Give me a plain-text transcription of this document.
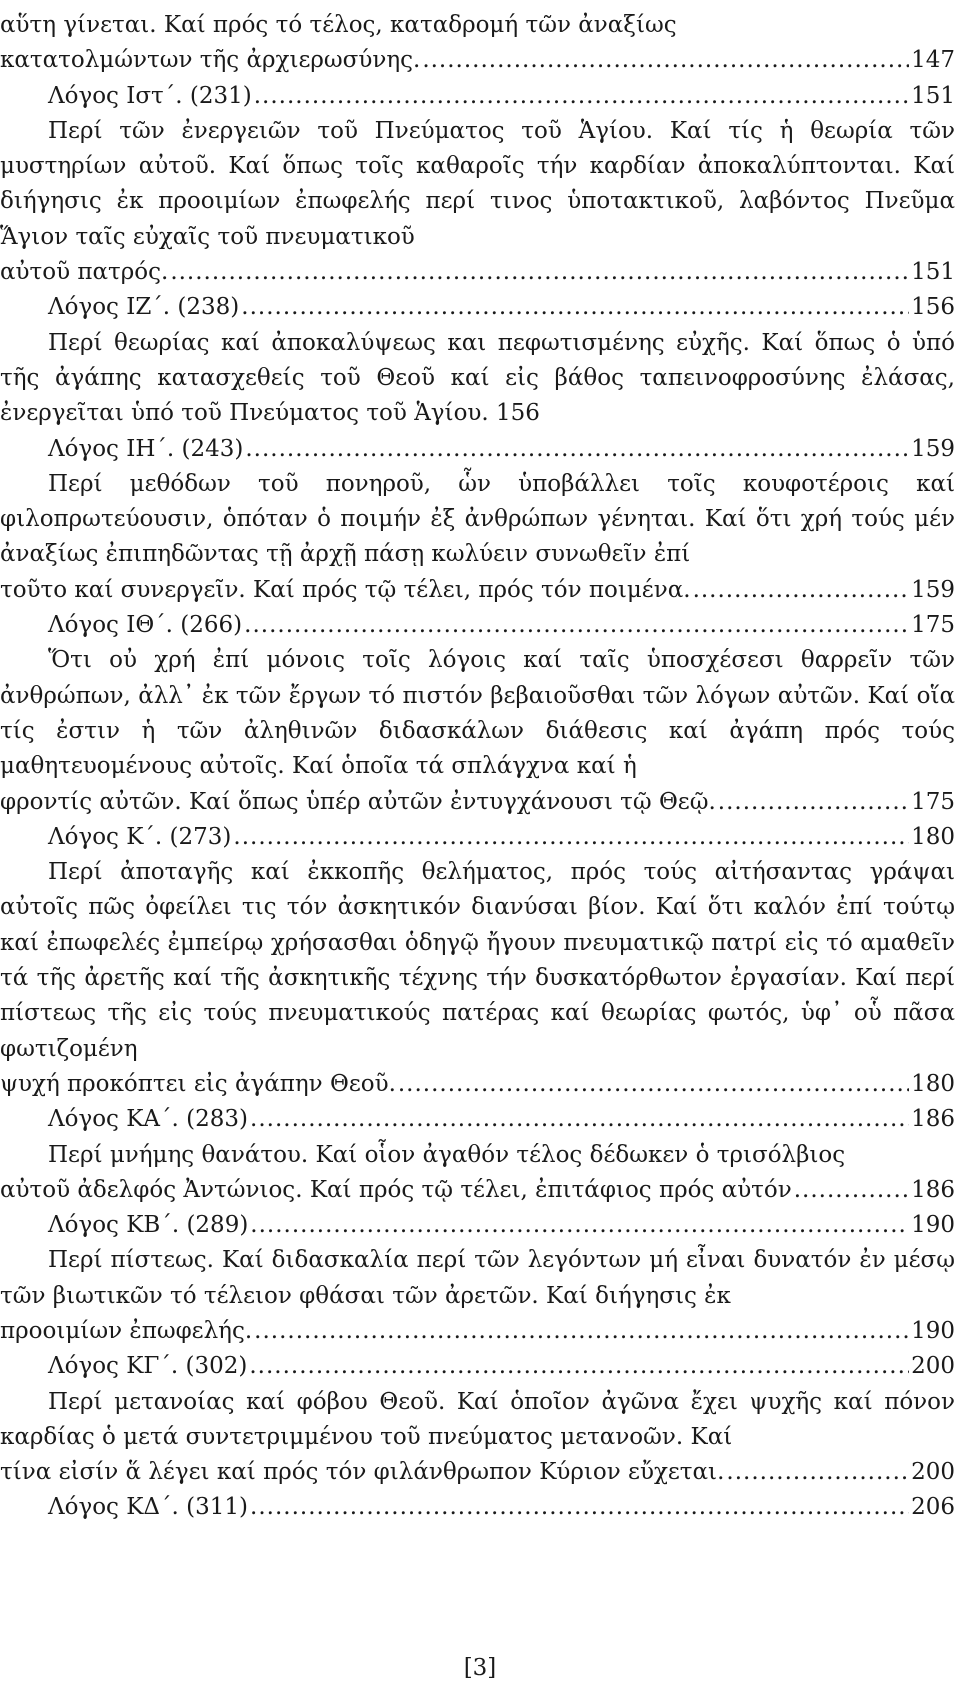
αὕτη γίνεται. Καί πρός τό τέλος, καταδρομή τῶν ἀναξίως

κατατολμώντων τῆς ἀρχιερωσύνης. .....	147
Λόγος Ιστ΄. (231) .....	151

Περί τῶν ἐνεργειῶν τοῦ Πνεύματος τοῦ Ἁγίου. Καί τίς ἡ θεωρία τῶν μυστηρίων αὐτοῦ. Καί ὅπως τοῖς καθαροῖς τήν καρδίαν ἀποκαλύπτονται. Καί διήγησις ἐκ προοιμίων ἐπωφελής περί τινος ὑποτακτικοῦ, λαβόντος Πνεῦμα Ἅγιον ταῖς εὐχαῖς τοῦ πνευματικοῦ

αὐτοῦ πατρός. .....	151
Λόγος ΙΖ΄. (238) .....	156

Περί θεωρίας καί ἀποκαλύψεως και πεφωτισμένης εὐχῆς. Καί ὅπως ὁ ὑπό τῆς ἀγάπης κατασχεθείς τοῦ Θεοῦ καί εἰς βάθος ταπεινοφροσύνης ἐλάσας, ἐνεργεῖται ὑπό τοῦ Πνεύματος τοῦ Ἁγίου. 156

Λόγος ΙΗ΄. (243) .....	159

Περί μεθόδων τοῦ πονηροῦ, ὧν ὑποβάλλει τοῖς κουφοτέροις καί φιλοπρωτεύουσιν, ὁπόταν ὁ ποιμήν ἐξ ἀνθρώπων γένηται. Καί ὅτι χρή τούς μέν ἀναξίως ἐπιπηδῶντας τῇ ἀρχῇ πάσῃ κωλύειν συνωθεῖν ἐπί

τοῦτο καί συνεργεῖν. Καί πρός τῷ τέλει, πρός τόν ποιμένα. .....	159
Λόγος ΙΘ΄. (266) .....	175

Ὅτι οὐ χρή ἐπί μόνοις τοῖς λόγοις καί ταῖς ὑποσχέσεσι θαρρεῖν τῶν ἀνθρώπων, ἀλλ᾽ ἐκ τῶν ἔργων τό πιστόν βεβαιοῦσθαι τῶν λόγων αὐτῶν. Καί οἵα τίς ἐστιν ἡ τῶν ἀληθινῶν διδασκάλων διάθεσις καί ἀγάπη πρός τούς μαθητευομένους αὐτοῖς. Καί ὁποῖα τά σπλάγχνα καί ἡ

φροντίς αὐτῶν. Καί ὅπως ὑπέρ αὐτῶν ἐντυγχάνουσι τῷ Θεῷ. .....	175
Λόγος Κ΄. (273) .....	180

Περί ἀποταγῆς καί ἐκκοπῆς θελήματος, πρός τούς αἰτήσαντας γράψαι αὐτοῖς πῶς ὀφείλει τις τόν ἀσκητικόν διανύσαι βίον. Καί ὅτι καλόν ἐπί τούτῳ καί ἐπωφελές ἐμπείρῳ χρήσασθαι ὁδηγῷ ἤγουν πνευματικῷ πατρί εἰς τό αμαθεῖν τά τῆς ἀρετῆς καί τῆς ἀσκητικῆς τέχνης τήν δυσκατόρθωτον ἐργασίαν. Καί περί πίστεως τῆς εἰς τούς πνευματικούς πατέρας καί θεωρίας φωτός, ὑφ᾽ οὗ πᾶσα φωτιζομένη

ψυχή προκόπτει εἰς ἀγάπην Θεοῦ. .....	180
Λόγος ΚΑ΄. (283) .....	186

Περί μνήμης θανάτου. Καί οἷον ἀγαθόν τέλος δέδωκεν ὁ τρισόλβιος

αὐτοῦ ἀδελφός Ἀντώνιος. Καί πρός τῷ τέλει, ἐπιτάφιος πρός αὐτόν .....	186
Λόγος ΚΒ΄. (289) .....	190

Περί πίστεως. Καί διδασκαλία περί τῶν λεγόντων μή εἶναι δυνατόν ἐν μέσῳ τῶν βιωτικῶν τό τέλειον φθάσαι τῶν ἀρετῶν. Καί διήγησις ἐκ

προοιμίων ἐπωφελής. .....	190
Λόγος ΚΓ΄. (302) .....	200

Περί μετανοίας καί φόβου Θεοῦ. Καί ὁποῖον ἀγῶνα ἔχει ψυχῆς καί πόνον καρδίας ὁ μετά συντετριμμένου τοῦ πνεύματος μετανοῶν. Καί

τίνα εἰσίν ἅ λέγει καί πρός τόν φιλάνθρωπον Κύριον εὔχεται. .....	200
Λόγος ΚΔ΄. (311) .....	206
[3]
